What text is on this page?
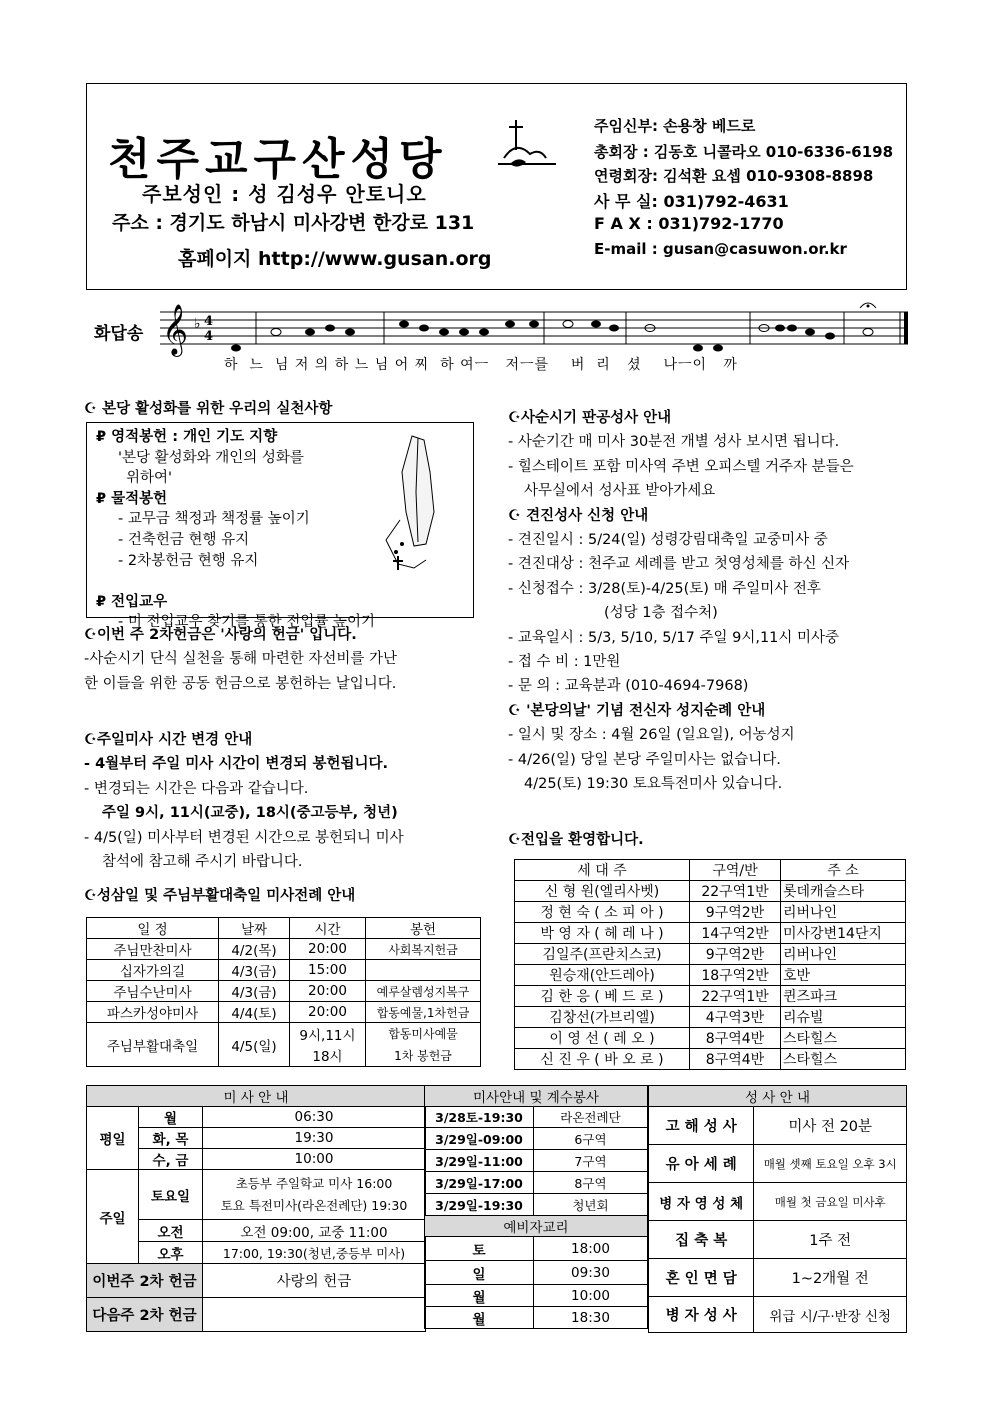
천주교구산성당
주보성인 : 성 김성우 안토니오
주소 : 경기도 하남시 미사강변 한강로 131
홈페이지 http://www.gusan.org
주임신부: 손용창 베드로
총회장 : 김동호 니콜라오 010-6336-6198
연령회장: 김석환 요셉 010-9308-8898
사 무 실: 031)792-4631
F A X : 031)792-1770
E-mail : gusan@casuwon.or.kr
화답송 𝄞 ♭ 4
4
하  느  님 저 의 하 느 님 어 찌  하 여ㅡ   저ㅡ를    버  리   셨    나ㅡ이   까
☪ 본당 활성화를 위한 우리의 실천사항

₽ 영적봉헌 : 개인 기도 지향

'본당 활성화와 개인의 성화를

위하여'

₽ 물적봉헌

- 교무금 책정과 책정률 높이기

- 건축헌금 현행 유지

- 2차봉헌금 현행 유지

₽ 전입교우

- 미 전입교우 찾기를 통한 전입률 높이기

☪이번 주 2차헌금은 '사랑의 헌금' 입니다.

-사순시기 단식 실천을 통해 마련한 자선비를 가난

한 이들을 위한 공동 헌금으로 봉헌하는 날입니다.

☪주일미사 시간 변경 안내

- 4월부터 주일 미사 시간이 변경되 봉헌됩니다.

- 변경되는 시간은 다음과 같습니다.

주일 9시, 11시(교중), 18시(중고등부, 청년)

- 4/5(일) 미사부터 변경된 시간으로 봉헌되니 미사

참석에 참고해 주시기 바랍니다.

☪성삼일 및 주님부활대축일 미사전례 안내
일 정	날짜	시간	봉헌
주님만찬미사	4/2(목)	20:00	사회복지헌금
십자가의길	4/3(금)	15:00	
주님수난미사	4/3(금)	20:00	예루살렘성지복구
파스카성야미사	4/4(토)	20:00	합동예물,1차헌금
주님부활대축일	4/5(일)	9시,11시	합동미사예물
		18시	1차 봉헌금

☪사순시기 판공성사 안내

- 사순기간 매 미사 30분전 개별 성사 보시면 됩니다.

- 힐스테이트 포함 미사역 주변 오피스텔 거주자 분들은

사무실에서 성사표 받아가세요

☪ 견진성사 신청 안내

- 견진일시 : 5/24(일) 성령강림대축일 교중미사 중

- 견진대상 : 천주교 세례를 받고 첫영성체를 하신 신자

- 신청접수 : 3/28(토)-4/25(토) 매 주일미사 전후

(성당 1층 접수처)

- 교육일시 : 5/3, 5/10, 5/17 주일 9시,11시 미사중

- 접 수 비 : 1만원

- 문 의 : 교육분과 (010-4694-7968)

☪ '본당의날' 기념 전신자 성지순례 안내

- 일시 및 장소 : 4월 26일 (일요일), 어농성지

- 4/26(일) 당일 본당 주일미사는 없습니다.

4/25(토) 19:30 토요특전미사 있습니다.

☪전입을 환영합니다.
세 대 주	구역/반	주 소
신 형 원(엘리사벳)	22구역1반	롯데캐슬스타
정 현 숙 ( 소 피 아 )	9구역2반	리버나인
박 영 자 ( 헤 레 나 )	14구역2반	미사강변14단지
김일주(프란치스코)	9구역2반	리버나인
원승재(안드레아)	18구역2반	호반
김 한 응 ( 베 드 로 )	22구역1반	퀸즈파크
김창선(가브리엘)	4구역3반	리슈빌
이 영 선 ( 레 오 )	8구역4반	스타힐스
신 진 우 ( 바 오 로 )	8구역4반	스타힐스
미 사 안 내		
평일	월	06:30
	화, 목	19:30
	수, 금	10:00
주일	토요일	초등부 주일학교 미사 16:00
토요 특전미사(라온전례단) 19:30

	오전	오전 09:00, 교중 11:00
	오후	17:00, 19:30(청년,중등부 미사)
이번주 2차 헌금		사랑의 헌금
다음주 2차 헌금		
미사안내 및 계수봉사	
3/28토-19:30	라온전례단
3/29일-09:00	6구역
3/29일-11:00	7구역
3/29일-17:00	8구역
3/29일-19:30	청년회
예비자교리	
토	18:00
일	09:30
월	10:00
월	18:30
성 사 안 내	
고 해 성 사	미사 전 20분
유 아 세 례	매월 셋째 토요일 오후 3시
병 자 영 성 체	매월 첫 금요일 미사후
집 축 복	1주 전
혼 인 면 담	1~2개월 전
병 자 성 사	위급 시/구·반장 신청
